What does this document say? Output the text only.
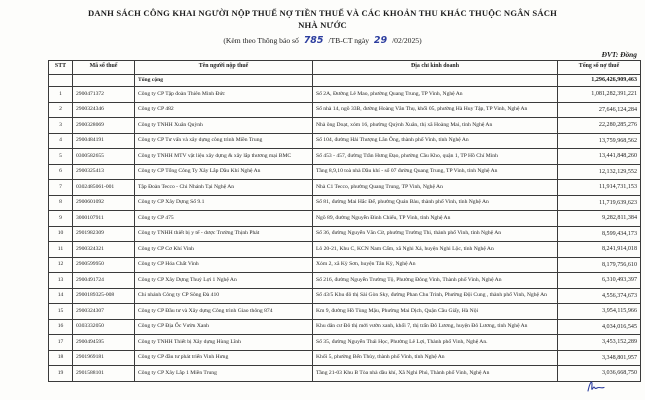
DANH SÁCH CÔNG KHAI NGƯỜI NỘP THUẾ NỢ TIỀN THUẾ VÀ CÁC KHOẢN THU KHÁC THUỘC NGÂN SÁCH
NHÀ NƯỚC
(Kèm theo Thông báo số 785 /TB-CT ngày 29 /02/2025)
ĐVT: Đồng
STT	Mã số thuế	Tên người nộp thuế	Địa chỉ kinh doanh	Tổng số nợ thuế
		Tổng cộng		1,296,426,909,463
1	2900471372	Công ty CP Tập đoàn Thiên Minh Đức	Số 2A, Đường Lê Mao, phường Quang Trung, TP Vinh, Nghệ An	1,081,282,391,221
2	2900324346	Công ty CP 482	Số nhà 14, ngõ 33B, đường Hoàng Văn Thụ, khối 05, phường Hà Huy Tập, TP Vinh, Nghệ An	27,646,124,284
3	2900328069	Công ty TNHH Xuân Quỳnh	Nhà ông Doạt, xóm 16, phường Quỳnh Xuân, thị xã Hoàng Mai, tỉnh Nghệ An	22,280,285,276
4	2900484191	Công ty CP Tư vấn và xây dựng công trình Miền Trung	Số 104, đường Hải Thượng Lãn Ông, thành phố Vinh, tỉnh Nghệ An	13,759,968,562
5	0300582655	Công ty TNHH MTV vật liệu xây dựng & xây lắp thương mại BMC	Số 453 - 457, đường Trần Hưng Đạo, phường Cầu Kho, quận 1, TP Hồ Chí Minh	13,441,848,260
6	2900325413	Công ty CP Tổng Công Ty Xây Lắp Dầu Khí Nghệ An	Tầng 8,9,10 toà nhà Dầu khí - số 07 đường Quang Trung, TP Vinh, tỉnh Nghệ An	12,132,129,552
7	0302485061-001	Tập Đoàn Tecco - Chi Nhánh Tại Nghệ An	Nhà C1 Tecco, phường Quang Trung, TP Vinh, Nghệ An	11,914,731,153
8	2900601092	Công ty CP Xây Dựng Số 9.1	Số 81, đường Mai Hắc Đế, phường Quán Bàu, thành phố Vinh, tỉnh Nghệ An	11,719,639,623
9	3000107911	Công ty CP 475	Ngõ 89, đường Nguyễn Đình Chiểu, TP Vinh, tỉnh Nghệ An	9,282,811,384
10	2901982309	Công ty TNHH thiết bị y tế - dược Trường Thịnh Phát	Số 36, đường Nguyễn Văn Cừ, phường Trường Thi, thành phố Vinh, tỉnh Nghệ An	8,599,434,173
11	2900324321	Công ty CP Cơ Khí Vinh	Lô 20-21, Khu C, KCN Nam Cấm, xã Nghi Xá, huyện Nghi Lộc, tỉnh Nghệ An	8,241,914,018
12	2900599950	Công ty CP Hóa Chất Vinh	Xóm 2, xã Kỳ Sơn, huyện Tân Kỳ, Nghệ An	8,179,756,610
13	2900491724	Công ty CP Xây Dựng Thuỷ Lợi 1 Nghệ An	Số 216, đường Nguyễn Trường Tộ, Phường Đông Vinh, Thành phố Vinh, Nghệ An	6,310,493,397
14	2900189325-008	Chi nhánh Công ty CP Sông Đà 410	Số 43/5 Khu đô thị Sài Gòn Sky, đường Phan Chu Trinh, Phường Đội Cung , thành phố Vinh, Nghệ An	4,556,374,673
15	2900324307	Công ty CP Đầu tư và Xây dựng Công trình Giao thông 874	Km 9, đường Hồ Tùng Mậu, Phường Mai Dịch, Quận Cầu Giấy, Hà Nội	3,954,115,966
16	0303332050	Công ty CP Địa Ốc Vườn Xanh	Khu dân cư Đô thị mới vườn xanh, khối 7, thị trấn Đô Lương, huyện Đô Lương, tỉnh Nghệ An	4,034,016,545
17	2900494595	Công ty TNHH Thiết bị Xây dựng Hùng Lĩnh	Số 35, đường Nguyễn Thái Học, Phường Lê Lợi, Thành phố Vinh, Nghệ An.	3,453,152,289
18	2901969181	Công ty CP đầu tư phát triển Vinh Hưng	Khối 5, phường Bến Thủy, thành phố Vinh, tỉnh Nghệ An	3,348,801,957
19	2901588101	Công ty CP Xây Lắp 1 Miền Trung	Tầng 21-03 Khu B Tòa nhà dầu khí, Xã Nghi Phú, Thành phố Vinh, Nghệ An	3,036,668,750
